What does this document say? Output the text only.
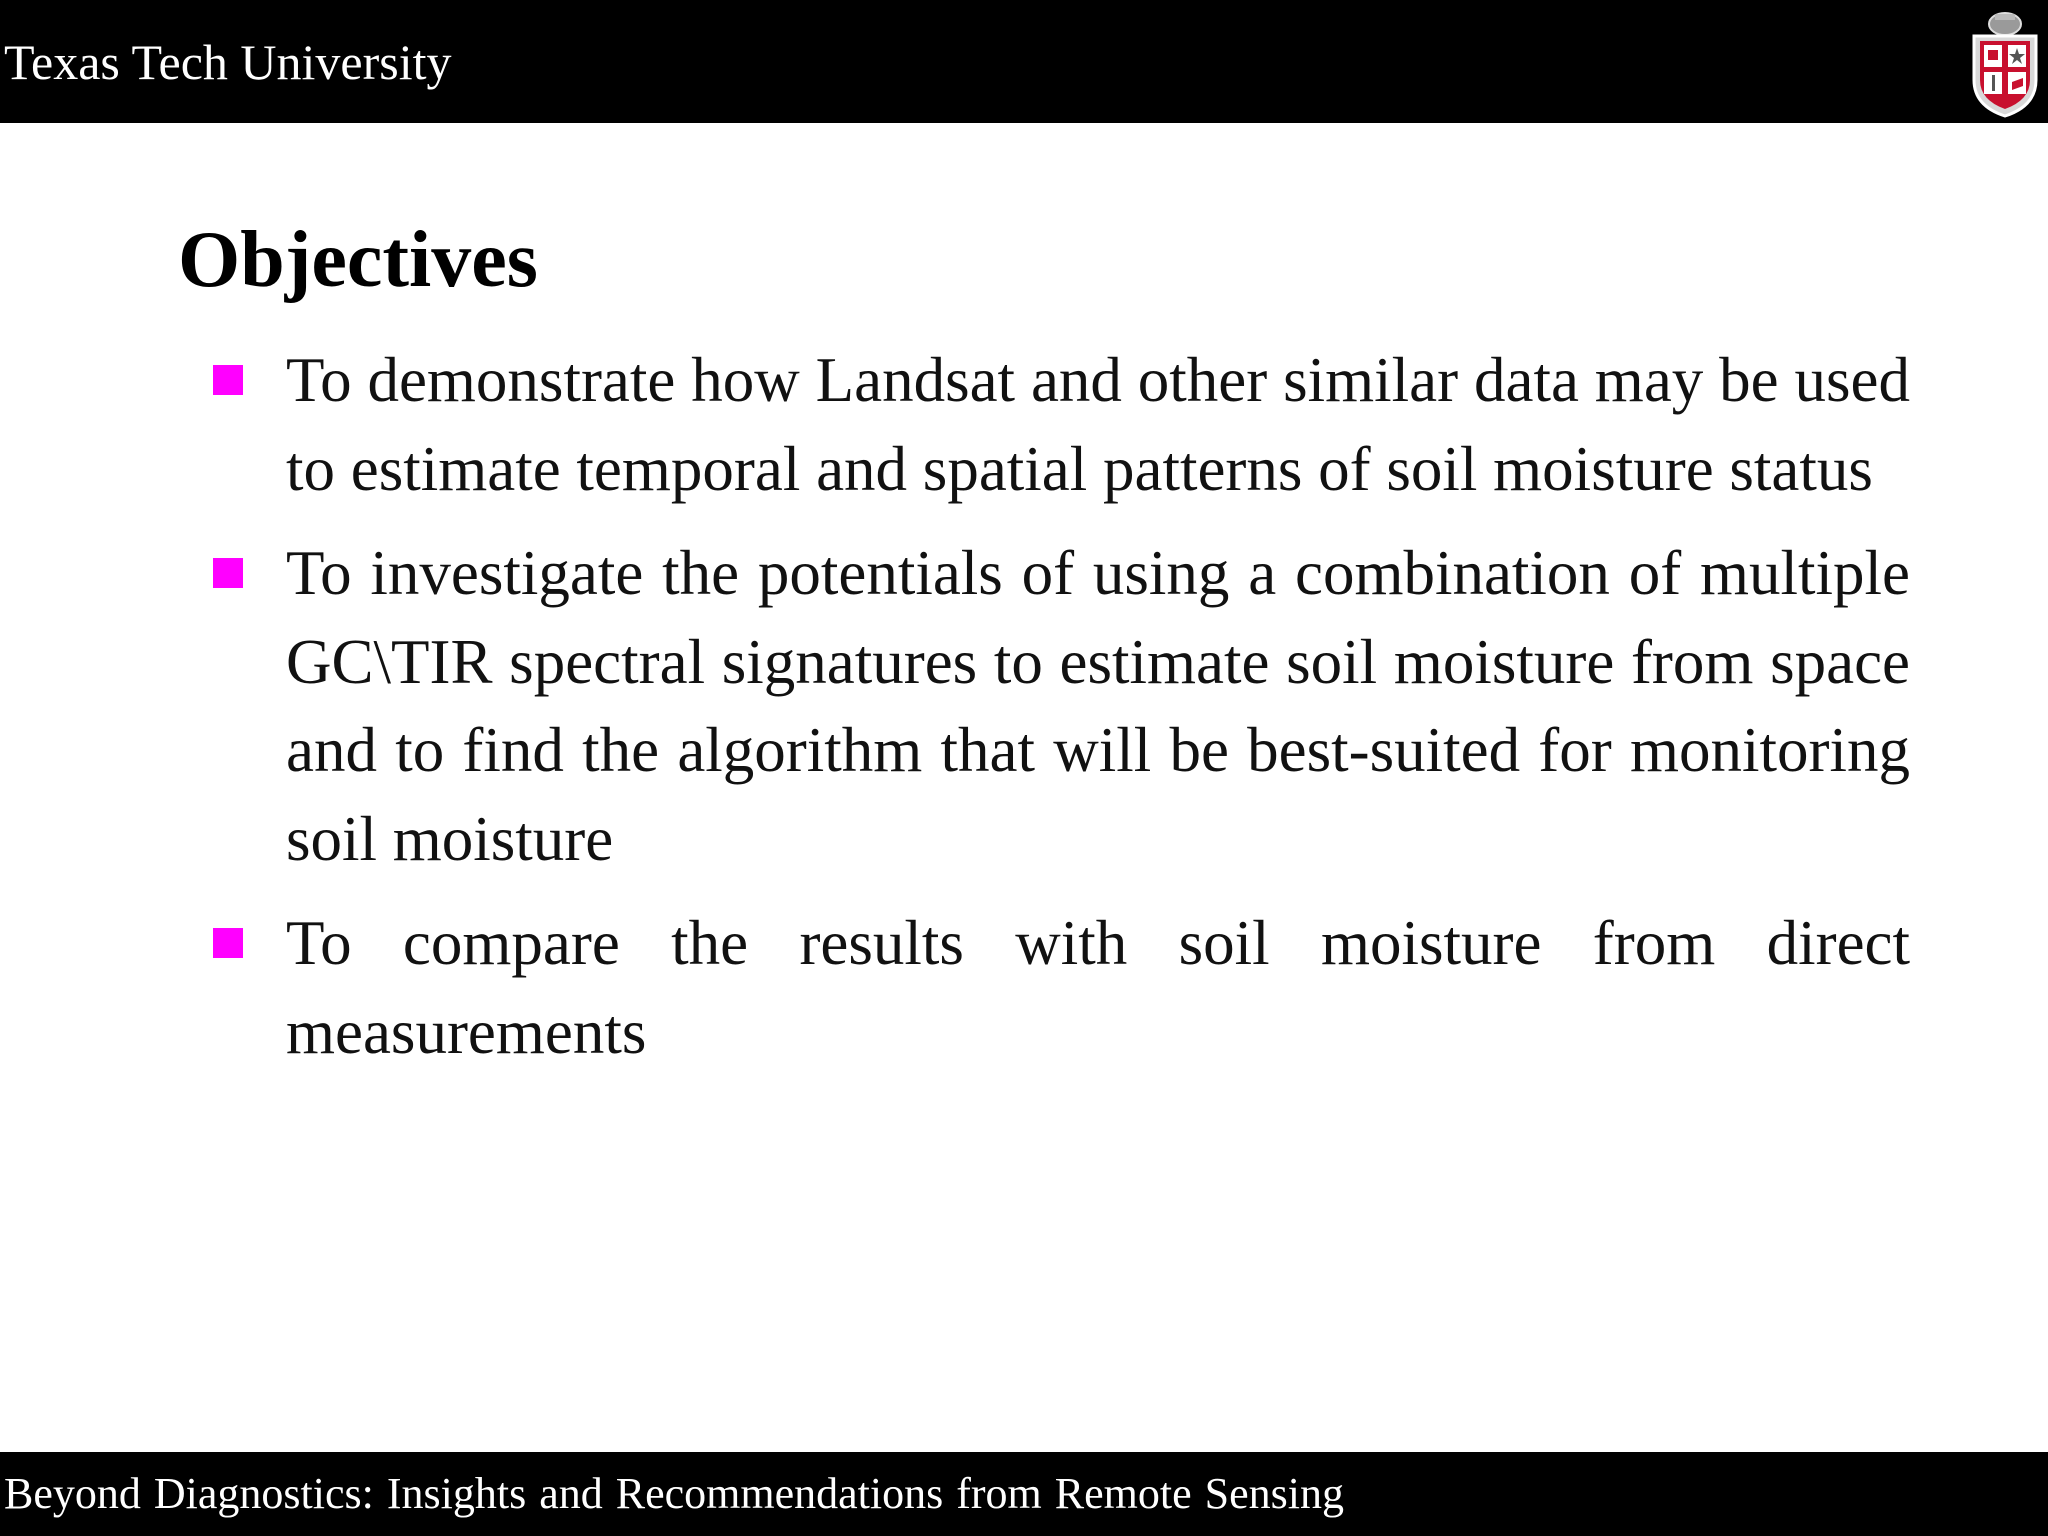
Texas Tech University
Objectives
To demonstrate how Landsat and other similar data may be used to estimate temporal and spatial patterns of soil moisture status
To investigate the potentials of using a combination of multiple GC\TIR spectral signatures to estimate soil moisture from space and to find the algorithm that will be best-suited for monitoring soil moisture
To compare the results with soil moisture from direct measurements
Beyond Diagnostics: Insights and Recommendations from Remote Sensing
